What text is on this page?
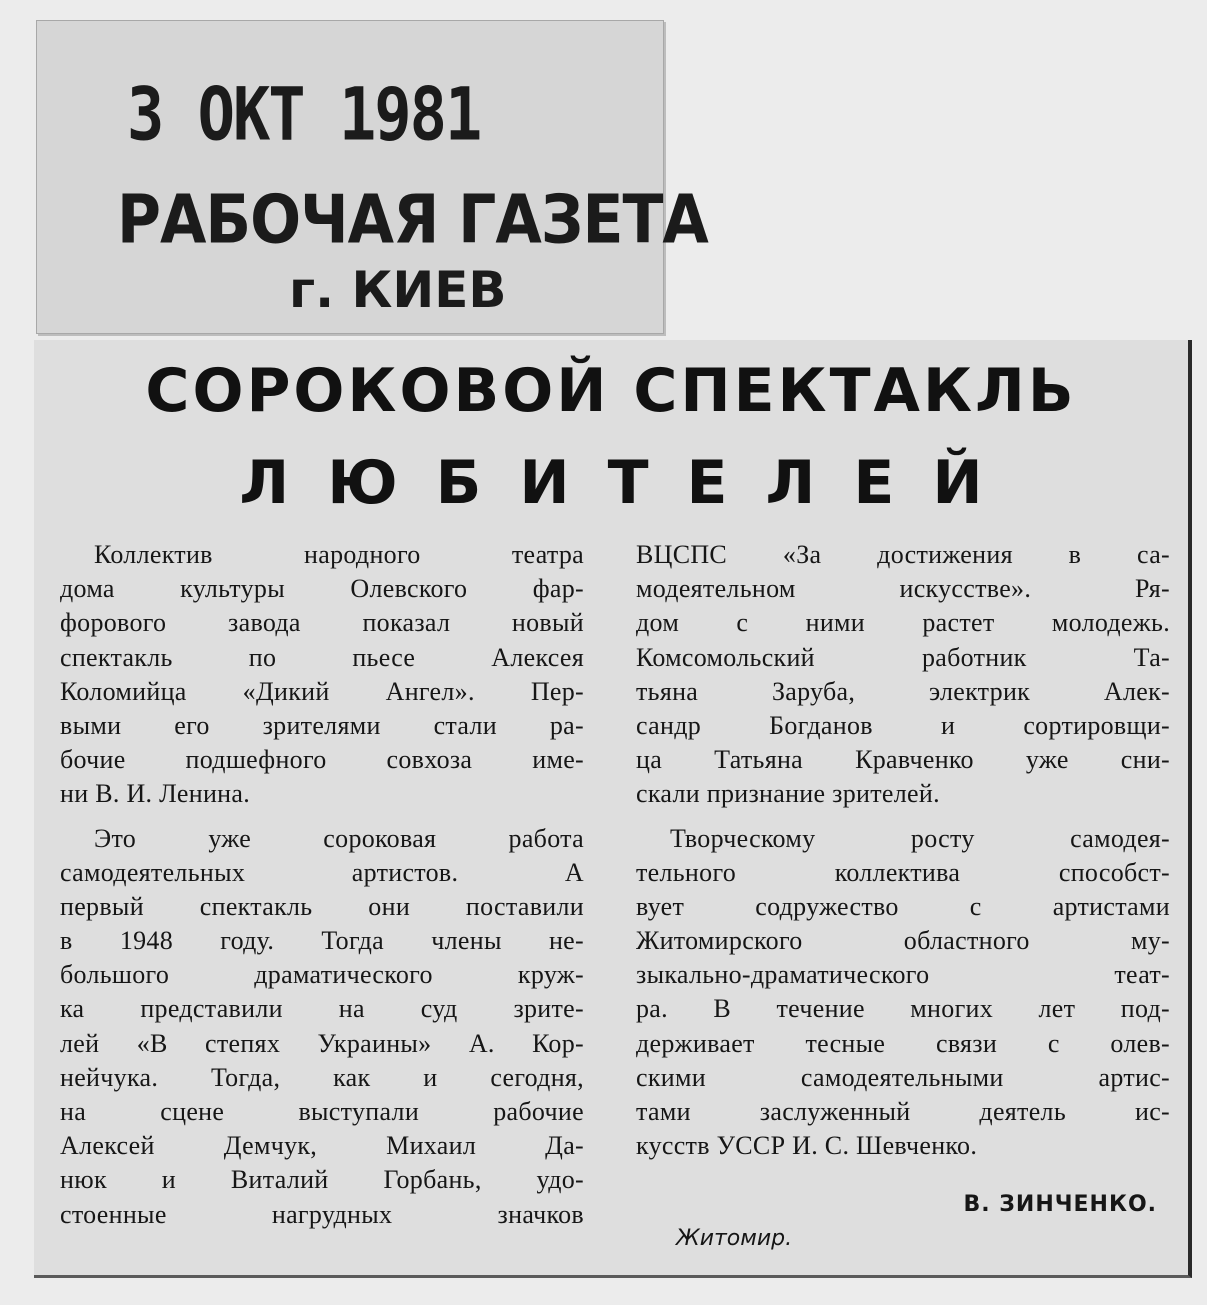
3 ОКТ 1981
РАБОЧАЯ ГАЗЕТА
г. КИЕВ
СОРОКОВОЙ СПЕКТАКЛЬ
ЛЮБИТЕЛЕЙ
Коллектив народного театра
дома культуры Олевского фар-
форового завода показал новый
спектакль по пьесе Алексея
Коломийца «Дикий Ангел». Пер-
выми его зрителями стали ра-
бочие подшефного совхоза име-
ни В. И. Ленина.
Это уже сороковая работа
самодеятельных артистов. А
первый спектакль они поставили
в 1948 году. Тогда члены не-
большого драматического круж-
ка представили на суд зрите-
лей «В степях Украины» А. Кор-
нейчука. Тогда, как и сегодня,
на сцене выступали рабочие
Алексей Демчук, Михаил Да-
нюк и Виталий Горбань, удо-
стоенные нагрудных значков
ВЦСПС «За достижения в са-
модеятельном искусстве». Ря-
дом с ними растет молодежь.
Комсомольский работник Та-
тьяна Заруба, электрик Алек-
сандр Богданов и сортировщи-
ца Татьяна Кравченко уже сни-
скали признание зрителей.
Творческому росту самодея-
тельного коллектива способст-
вует содружество с артистами
Житомирского областного му-
зыкально-драматического теат-
ра. В течение многих лет под-
держивает тесные связи с олев-
скими самодеятельными артис-
тами заслуженный деятель ис-
кусств УССР И. С. Шевченко.
В. ЗИНЧЕНКО.
Житомир.
